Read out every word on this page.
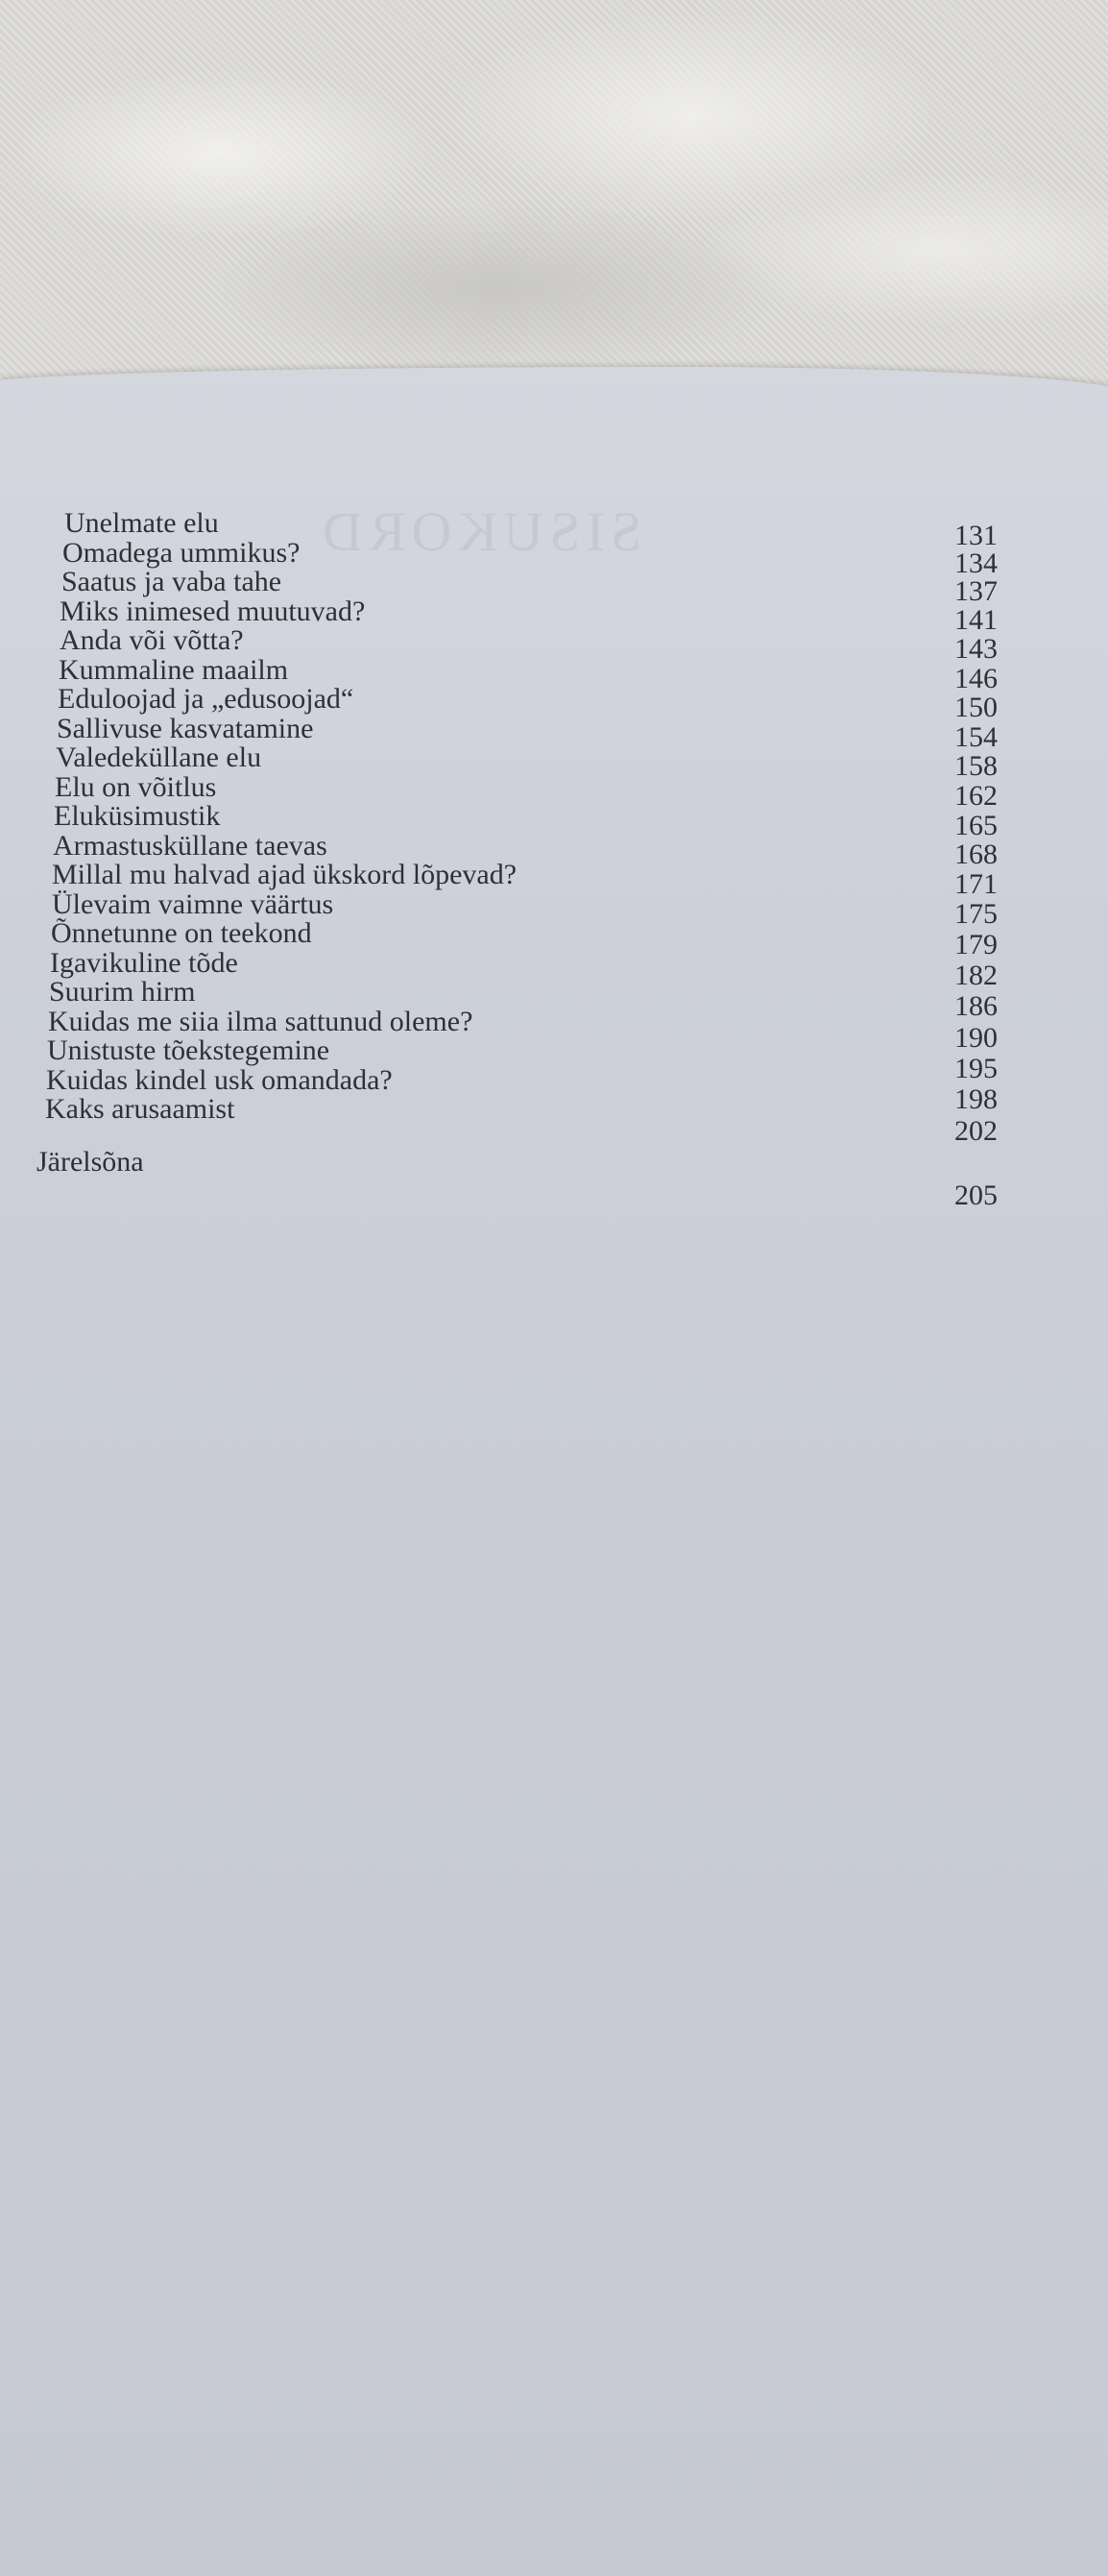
SISUKORD
Unelmate elu
Omadega ummikus?
Saatus ja vaba tahe
Miks inimesed muutuvad?
Anda või võtta?
Kummaline maailm
Eduloojad ja „edusoojad“
Sallivuse kasvatamine
Valedeküllane elu
Elu on võitlus
Eluküsimustik
Armastusküllane taevas
Millal mu halvad ajad ükskord lõpevad?
Ülevaim vaimne väärtus
Õnnetunne on teekond
Igavikuline tõde
Suurim hirm
Kuidas me siia ilma sattunud oleme?
Unistuste tõekstegemine
Kuidas kindel usk omandada?
Kaks arusaamist
Järelsõna
131
134
137
141
143
146
150
154
158
162
165
168
171
175
179
182
186
190
195
198
202
205
